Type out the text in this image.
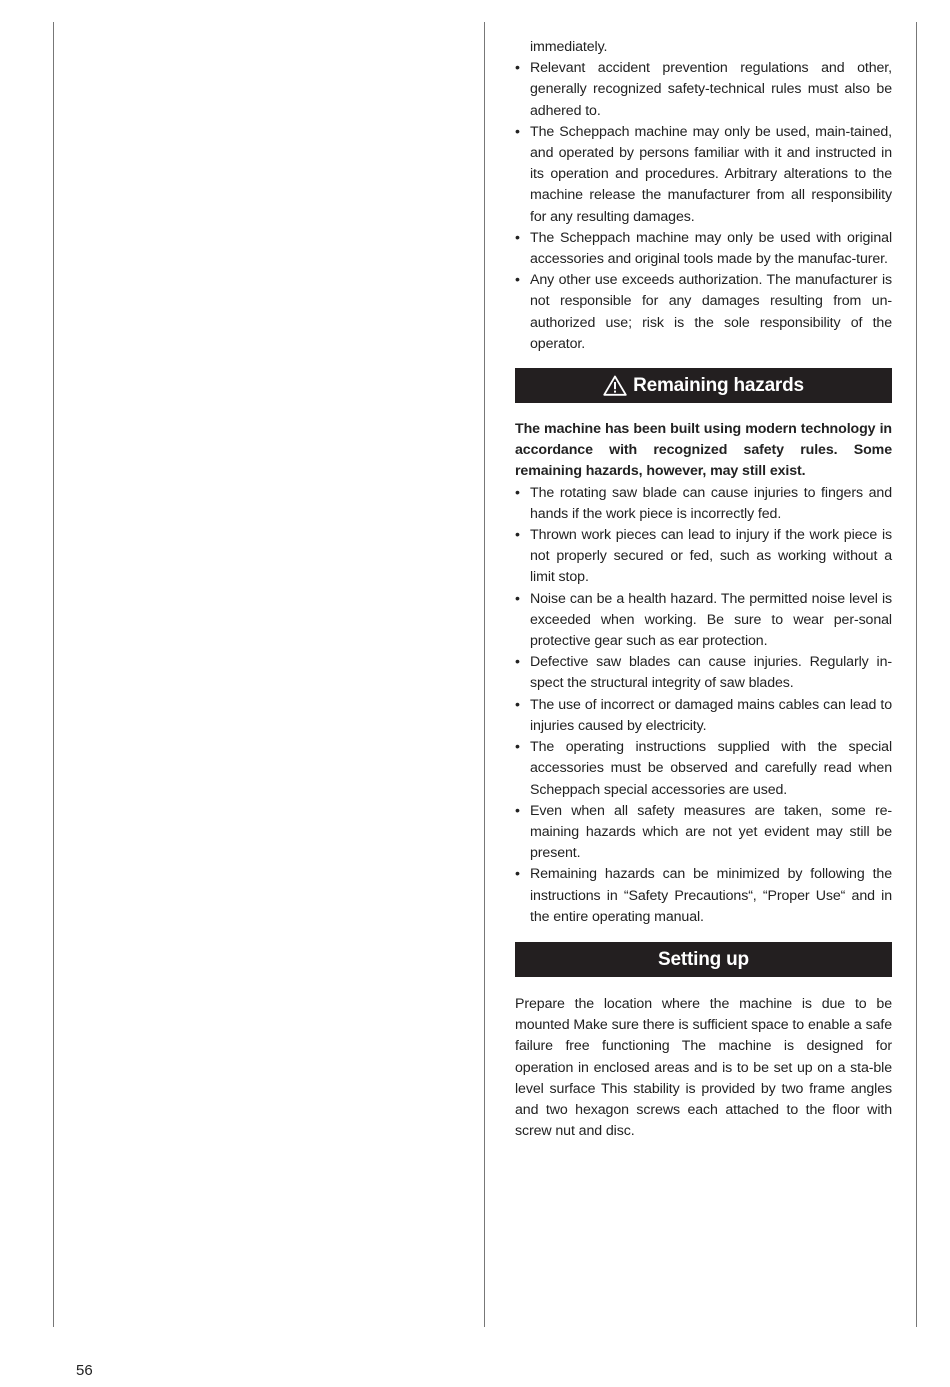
immediately.
• Relevant accident prevention regulations and other, generally recognized safety-technical rules must also be adhered to.
• The Scheppach machine may only be used, main-tained, and operated by persons familiar with it and instructed in its operation and procedures. Arbitrary alterations to the machine release the manufacturer from all responsibility for any resulting damages.
• The Scheppach machine may only be used with original accessories and original tools made by the manufac-turer.
• Any other use exceeds authorization. The manufacturer is not responsible for any damages resulting from un-authorized use; risk is the sole responsibility of the operator.
Remaining hazards

The machine has been built using modern technology in accordance with recognized safety rules. Some remaining hazards, however, may still exist.

• The rotating saw blade can cause injuries to fingers and hands if the work piece is incorrectly fed.
• Thrown work pieces can lead to injury if the work piece is not properly secured or fed, such as working without a limit stop.
• Noise can be a health hazard. The permitted noise level is exceeded when working. Be sure to wear per-sonal protective gear such as ear protection.
• Defective saw blades can cause injuries. Regularly in-spect the structural integrity of saw blades.
• The use of incorrect or damaged mains cables can lead to injuries caused by electricity.
• The operating instructions supplied with the special accessories must be observed and carefully read when Scheppach special accessories are used.
• Even when all safety measures are taken, some re-maining hazards which are not yet evident may still be present.
• Remaining hazards can be minimized by following the instructions in “Safety Precautions“, “Proper Use“ and in the entire operating manual.
Setting up

Prepare the location where the machine is due to be mounted Make sure there is sufficient space to enable a safe failure free functioning The machine is designed for operation in enclosed areas and is to be set up on a sta-ble level surface This stability is provided by two frame angles and two hexagon screws each attached to the floor with screw nut and disc.

56
